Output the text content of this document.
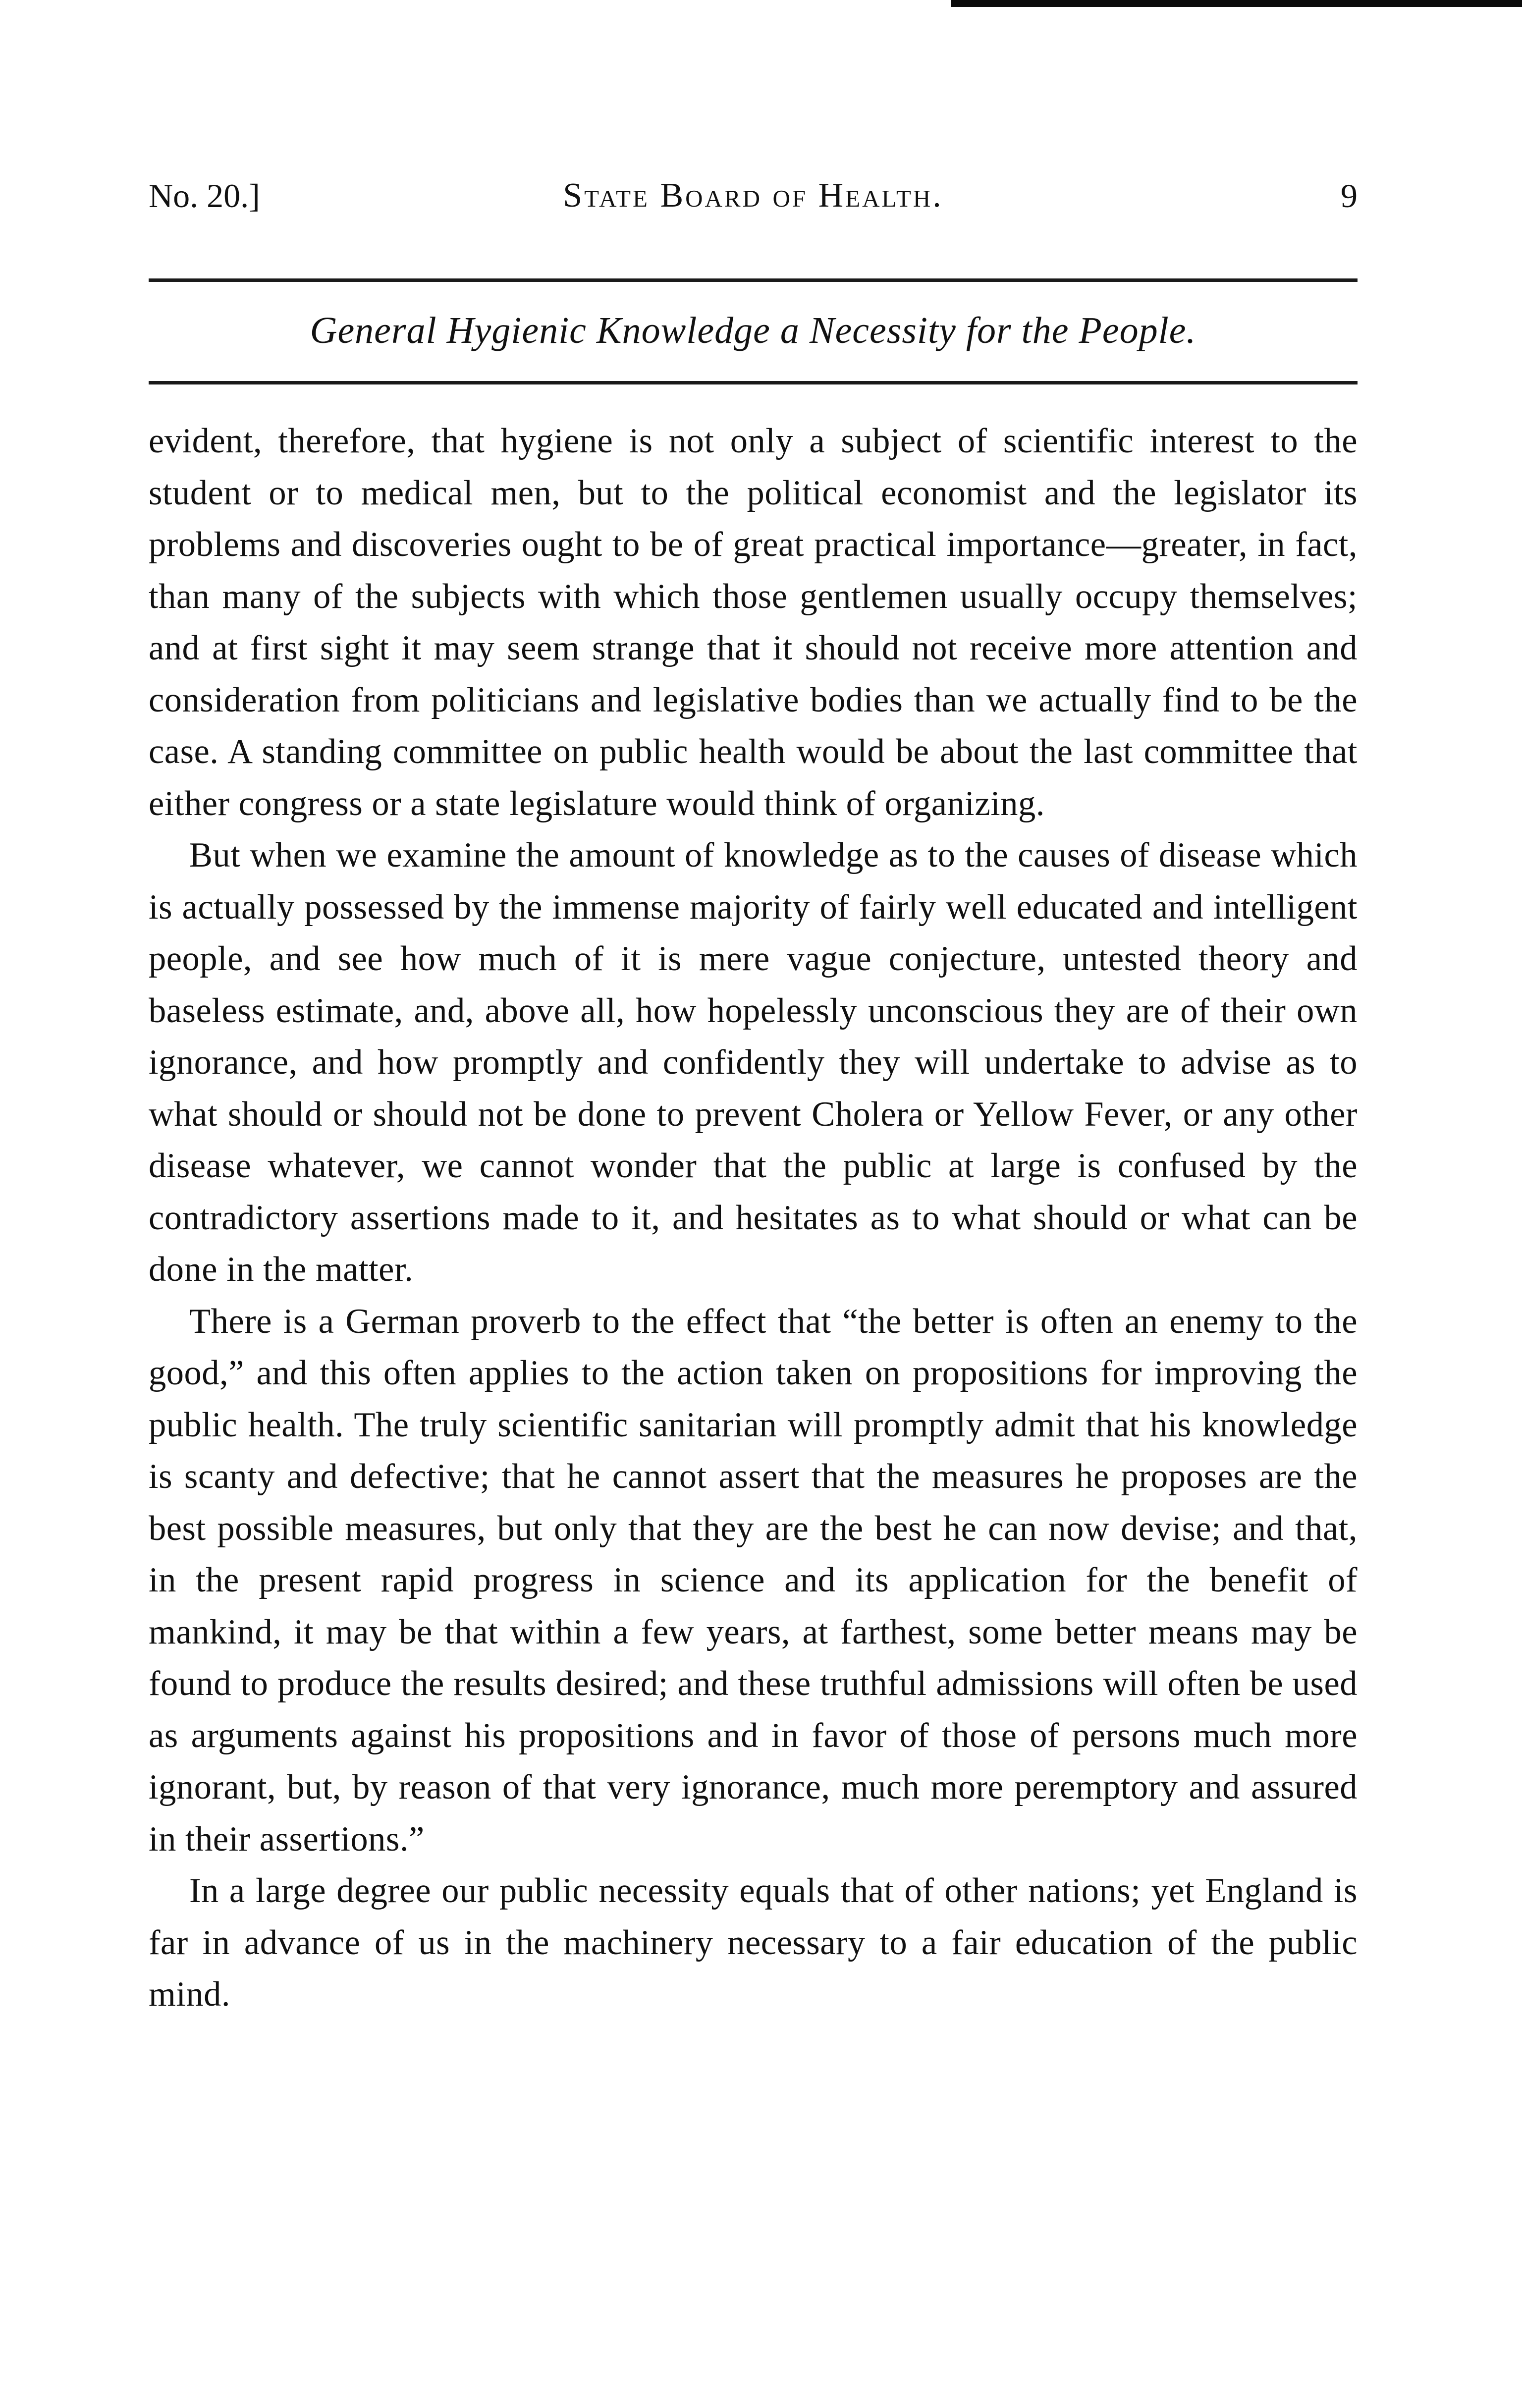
No. 20.]	State Board of Health.	9
General Hygienic Knowledge a Necessity for the People.

evident, therefore, that hygiene is not only a subject of scientific interest to the student or to medical men, but to the political economist and the legislator its problems and discoveries ought to be of great practical importance—greater, in fact, than many of the subjects with which those gentlemen usually occupy themselves; and at first sight it may seem strange that it should not receive more attention and consideration from politicians and legislative bodies than we actually find to be the case. A standing committee on public health would be about the last committee that either congress or a state legislature would think of organizing.

But when we examine the amount of knowledge as to the causes of disease which is actually possessed by the immense majority of fairly well educated and intelligent people, and see how much of it is mere vague conjecture, untested theory and baseless estimate, and, above all, how hopelessly unconscious they are of their own ignorance, and how promptly and confidently they will undertake to advise as to what should or should not be done to prevent Cholera or Yellow Fever, or any other disease whatever, we cannot wonder that the public at large is confused by the contradictory assertions made to it, and hesitates as to what should or what can be done in the matter.

There is a German proverb to the effect that “the better is often an enemy to the good,” and this often applies to the action taken on propositions for improving the public health. The truly scientific sanitarian will promptly admit that his knowledge is scanty and defective; that he cannot assert that the measures he proposes are the best possible measures, but only that they are the best he can now devise; and that, in the present rapid progress in science and its application for the benefit of mankind, it may be that within a few years, at farthest, some better means may be found to produce the results desired; and these truthful admissions will often be used as arguments against his propositions and in favor of those of persons much more ignorant, but, by reason of that very ignorance, much more peremptory and assured in their assertions.”

In a large degree our public necessity equals that of other nations; yet England is far in advance of us in the machinery necessary to a fair education of the public mind.
